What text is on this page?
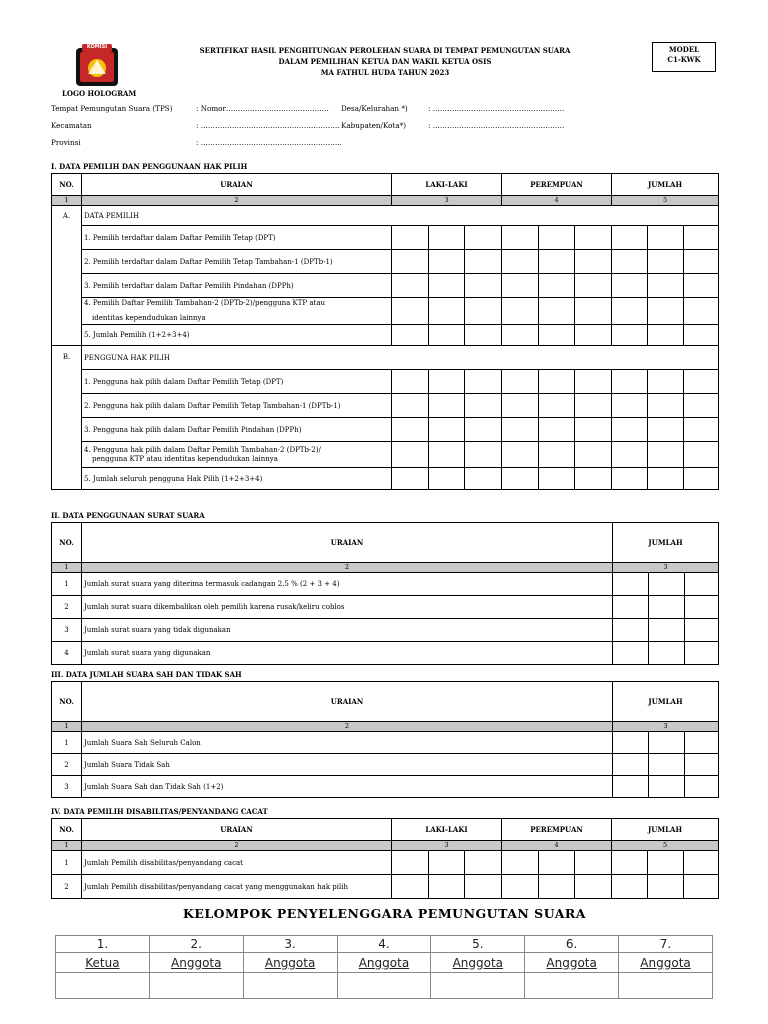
KOMISI
LOGO HOLOGRAM
SERTIFIKAT HASIL PENGHITUNGAN PEROLEHAN SUARA DI TEMPAT PEMUNGUTAN SUARA
DALAM PEMILIHAN KETUA DAN WAKIL KETUA OSIS
MA FATHUL HUDA TAHUN 2023
MODEL
C1-KWK
Tempat Pemungutan Suara (TPS)	: Nomor……………………………………. Desa/Kelurahan *)	: ……………………………………………….
Kecamatan	: …………………………………………………. Kabupaten/Kota*)	: ……………………………………………….
Provinsi	: …………………………………………………..
I. DATA PEMILIH DAN PENGGUNAAN HAK PILIH
NO.	URAIAN	LAKI-LAKI			PEREMPUAN			JUMLAH		
1	2	3			4			5		
A.	DATA PEMILIH									
	1. Pemilih terdaftar dalam Daftar Pemilih Tetap (DPT)									
	2. Pemilih terdaftar dalam Daftar Pemilih Tetap Tambahan-1 (DPTb-1)									
	3. Pemilih terdaftar dalam Daftar Pemilih Pindahan (DPPh)									

	4. Pemilih Daftar Pemilih Tambahan-2 (DPTb-2)/pengguna KTP atau
identitas kependudukan lainnya									

	5. Jumlah Pemilih (1+2+3+4)									
B.	PENGGUNA HAK PILIH									
	1. Pengguna hak pilih dalam Daftar Pemilih Tetap (DPT)									
	2. Pengguna hak pilih dalam Daftar Pemilih Tetap Tambahan-1 (DPTb-1)									
	3. Pengguna hak pilih dalam Daftar Pemilih Pindahan (DPPh)									

	4. Pengguna hak pilih dalam Daftar Pemilih Tambahan-2 (DPTb-2)/
pengguna KTP atau identitas kependudukan lainnya									

	5. Jumlah seluruh pengguna Hak Pilih (1+2+3+4)									
II. DATA PENGGUNAAN SURAT SUARA
NO.	URAIAN	JUMLAH		
1	2	3		
1	Jumlah surat suara yang diterima termasuk cadangan 2,5 % (2 + 3 + 4)			
2	Jumlah surat suara dikembalikan oleh pemilih karena rusak/keliru coblos			
3	Jumlah surat suara yang tidak digunakan			
4	Jumlah surat suara yang digunakan			
III. DATA JUMLAH SUARA SAH DAN TIDAK SAH
NO.	URAIAN	JUMLAH		
1	2	3		
1	Jumlah Suara Sah Seluruh Calon			
2	Jumlah Suara Tidak Sah			
3	Jumlah Suara Sah dan Tidak Sah (1+2)			
IV. DATA PEMILIH DISABILITAS/PENYANDANG CACAT
NO.	URAIAN	LAKI-LAKI			PEREMPUAN			JUMLAH		
1	2	3			4			5		
1	Jumlah Pemilih disabilitas/penyandang cacat									
2	Jumlah Pemilih disabilitas/penyandang cacat yang menggunakan hak pilih									
KELOMPOK PENYELENGGARA PEMUNGUTAN SUARA
1.	2.	3.	4.	5.	6.	7.
Ketua	Anggota	Anggota	Anggota	Anggota	Anggota	Anggota
